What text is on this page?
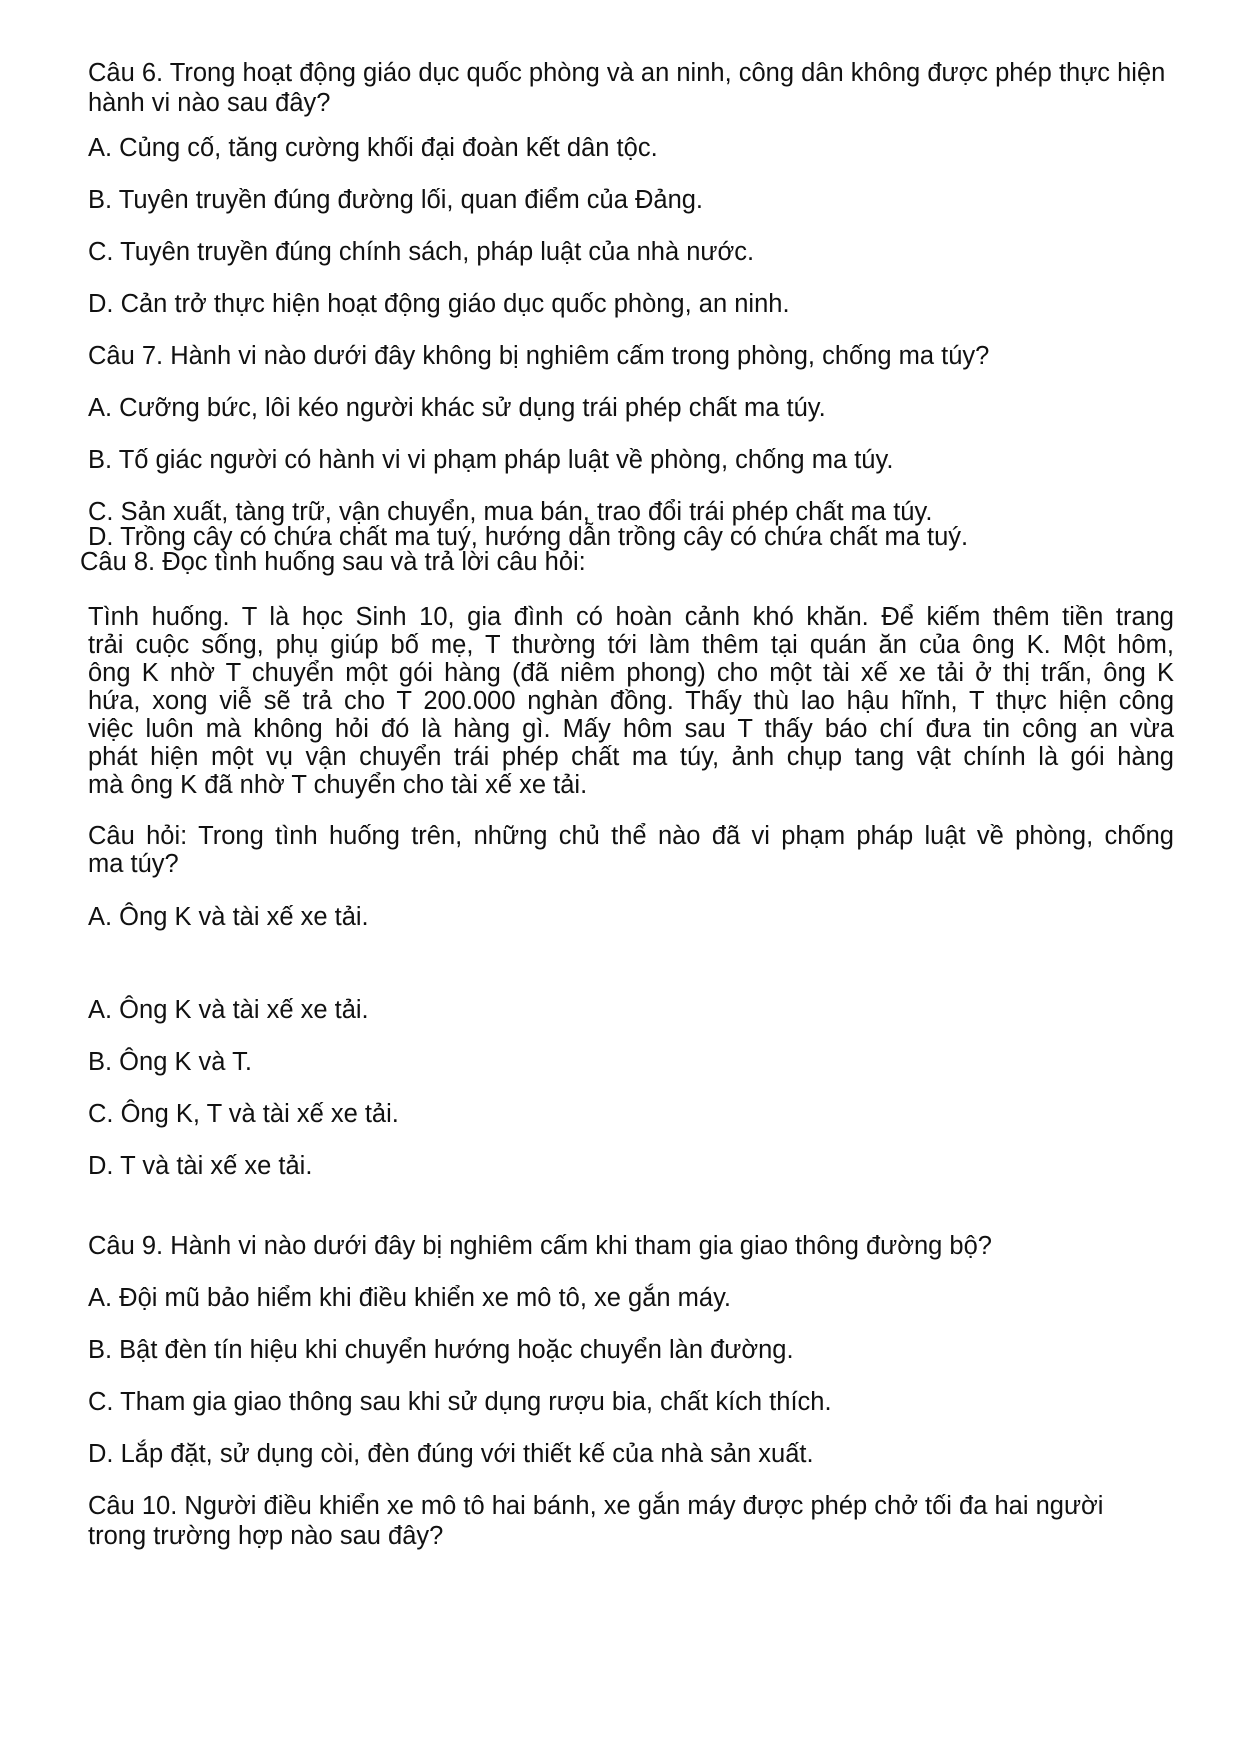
Câu 6. Trong hoạt động giáo dục quốc phòng và an ninh, công dân không được phép thực hiện hành vi nào sau đây?

A. Củng cố, tăng cường khối đại đoàn kết dân tộc.

B. Tuyên truyền đúng đường lối, quan điểm của Đảng.

C. Tuyên truyền đúng chính sách, pháp luật của nhà nước.

D. Cản trở thực hiện hoạt động giáo dục quốc phòng, an ninh.

Câu 7. Hành vi nào dưới đây không bị nghiêm cấm trong phòng, chống ma túy?

A. Cưỡng bức, lôi kéo người khác sử dụng trái phép chất ma túy.

B. Tố giác người có hành vi vi phạm pháp luật về phòng, chống ma túy.

C. Sản xuất, tàng trữ, vận chuyển, mua bán, trao đổi trái phép chất ma túy.

D. Trồng cây có chứa chất ma tuý, hướng dẫn trồng cây có chứa chất ma tuý.

Câu 8. Đọc tình huống sau và trả lời câu hỏi:

Tình huống. T là học Sinh 10, gia đình có hoàn cảnh khó khăn. Để kiếm thêm tiền trang

trải cuộc sống, phụ giúp bố mẹ, T thường tới làm thêm tại quán ăn của ông K. Một hôm,

ông K nhờ T chuyển một gói hàng (đã niêm phong) cho một tài xế xe tải ở thị trấn, ông K

hứa, xong viễ sẽ trả cho T 200.000 nghàn đồng. Thấy thù lao hậu hĩnh, T thực hiện công

việc luôn mà không hỏi đó là hàng gì. Mấy hôm sau T thấy báo chí đưa tin công an vừa

phát hiện một vụ vận chuyển trái phép chất ma túy, ảnh chụp tang vật chính là gói hàng

mà ông K đã nhờ T chuyển cho tài xế xe tải.

Câu hỏi: Trong tình huống trên, những chủ thể nào đã vi phạm pháp luật về phòng, chống

ma túy?

A. Ông K và tài xế xe tải.

A. Ông K và tài xế xe tải.

B. Ông K và T.

C. Ông K, T và tài xế xe tải.

D. T và tài xế xe tải.

Câu 9. Hành vi nào dưới đây bị nghiêm cấm khi tham gia giao thông đường bộ?

A. Đội mũ bảo hiểm khi điều khiển xe mô tô, xe gắn máy.

B. Bật đèn tín hiệu khi chuyển hướng hoặc chuyển làn đường.

C. Tham gia giao thông sau khi sử dụng rượu bia, chất kích thích.

D. Lắp đặt, sử dụng còi, đèn đúng với thiết kế của nhà sản xuất.

Câu 10. Người điều khiển xe mô tô hai bánh, xe gắn máy được phép chở tối đa hai người

trong trường hợp nào sau đây?
